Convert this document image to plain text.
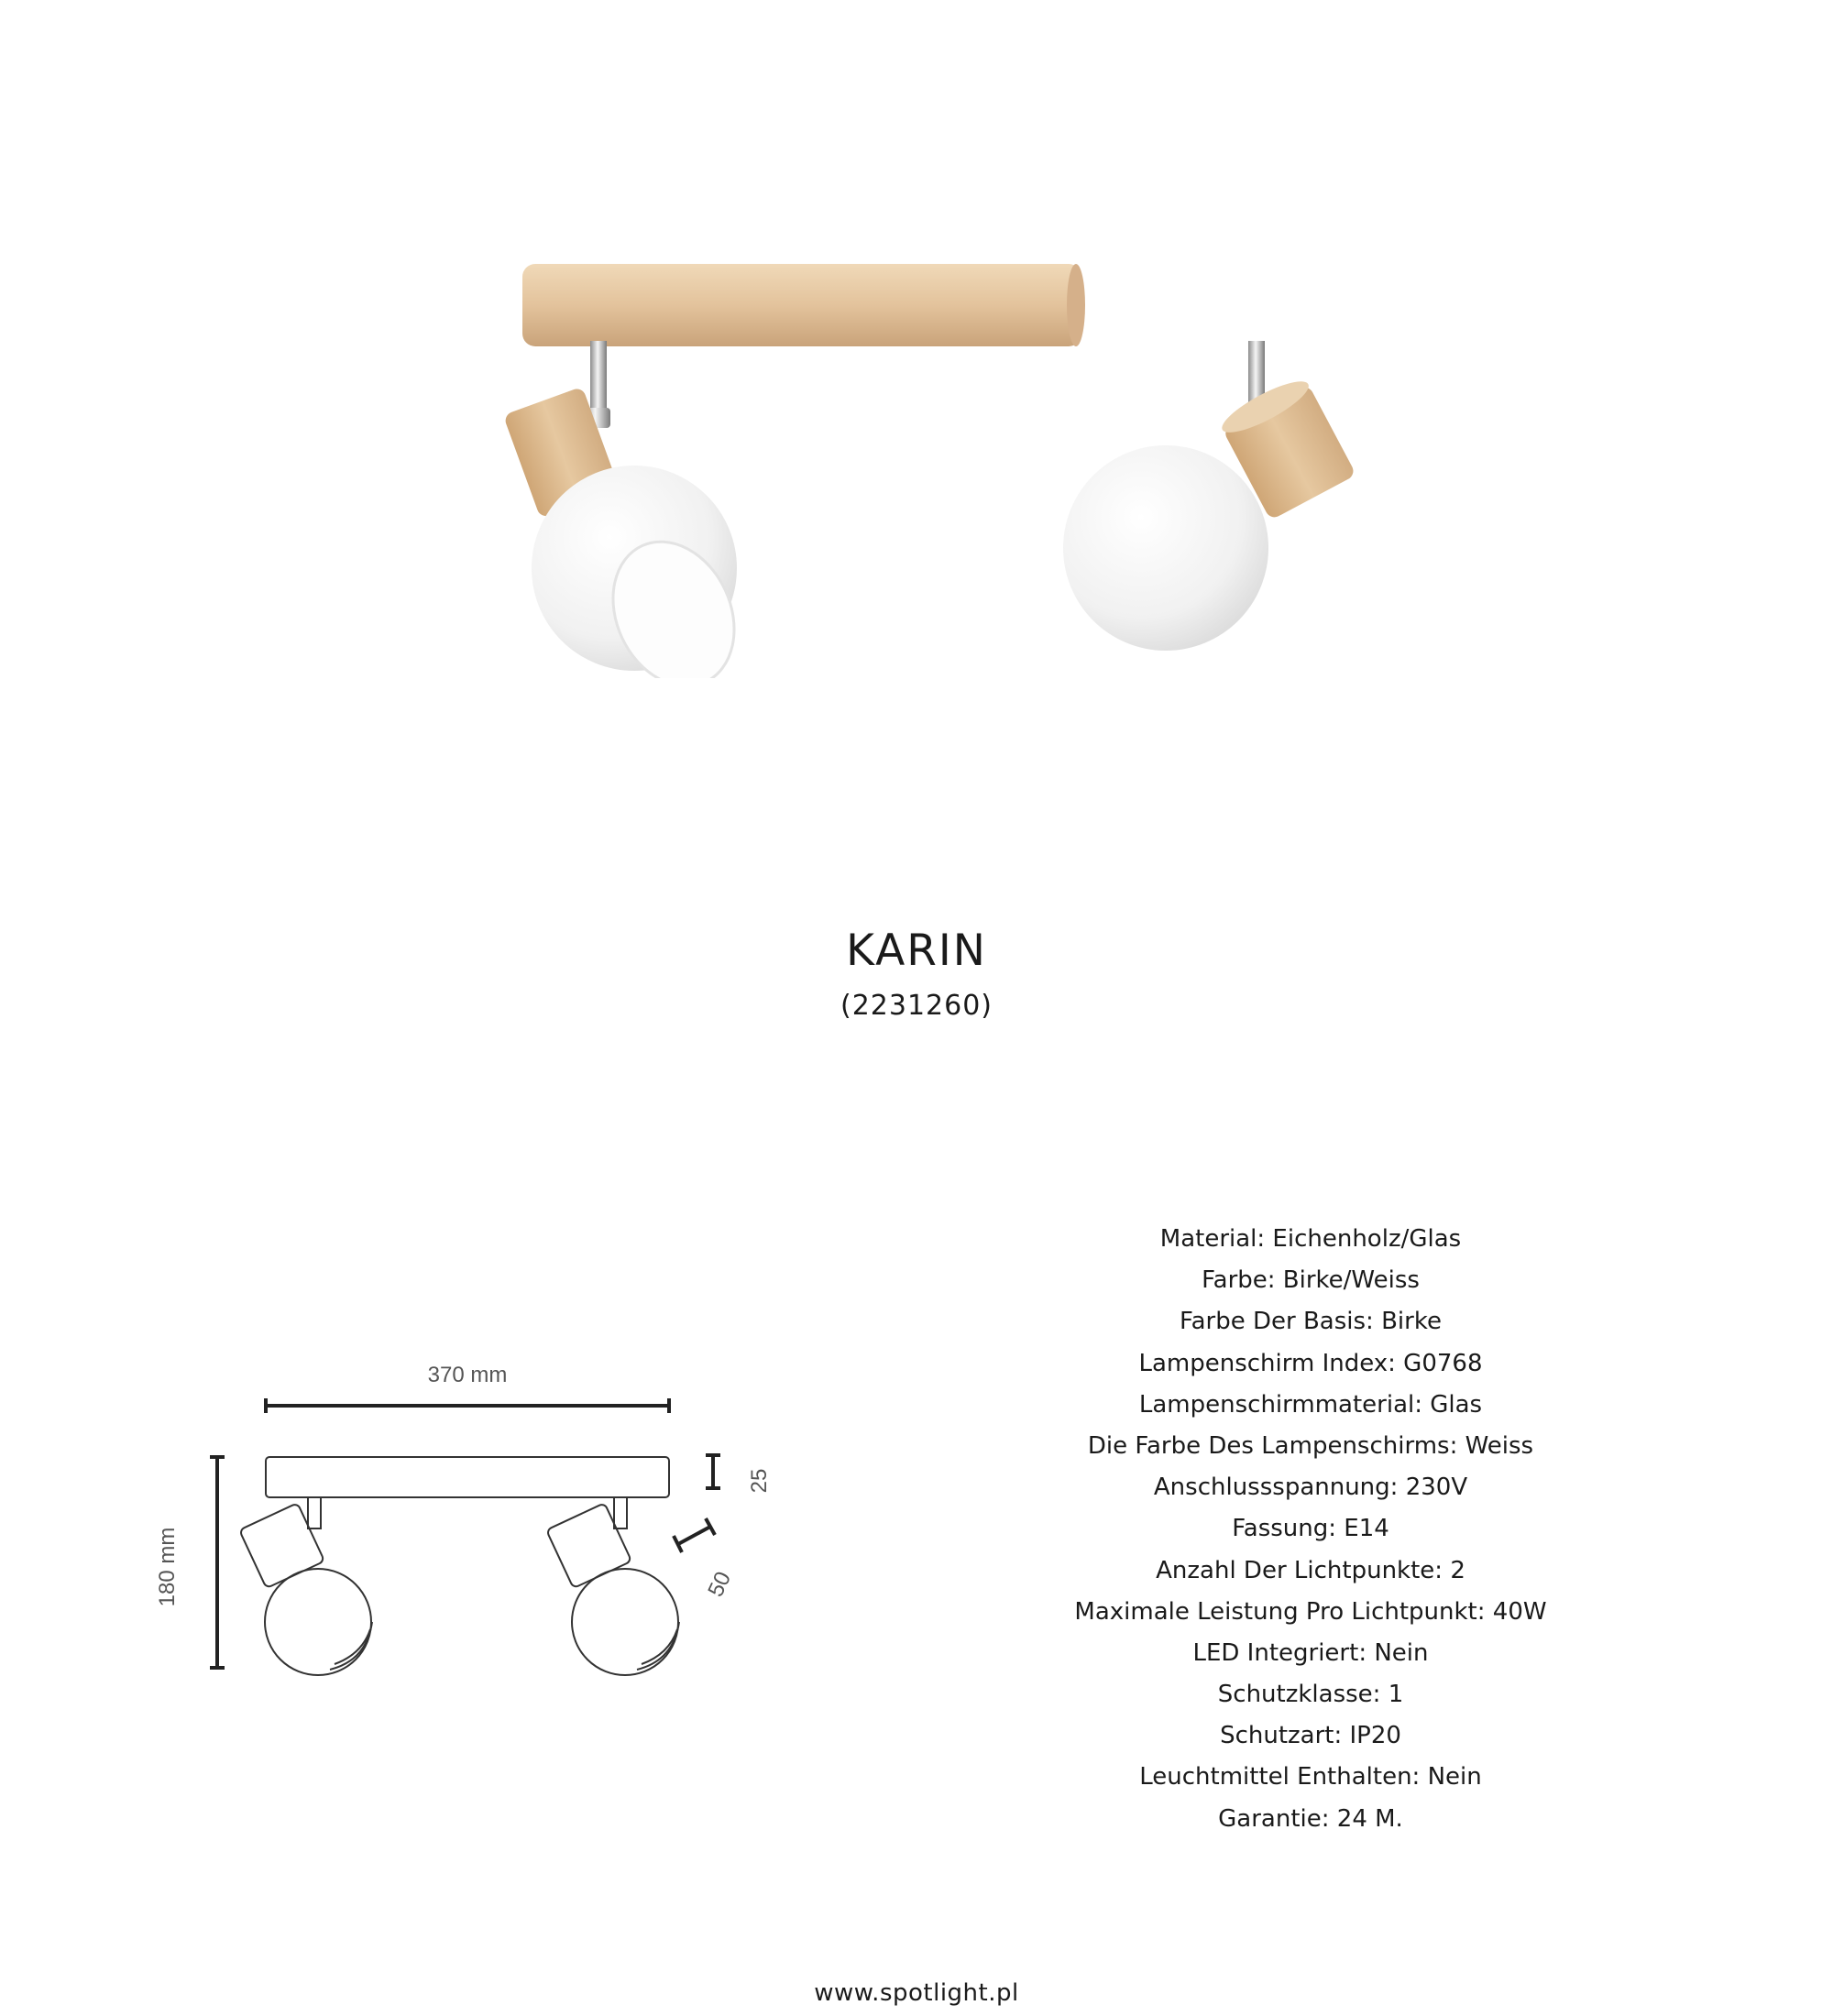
KARIN
(2231260)
370 mm
180 mm
25
50
Material: Eichenholz/Glas
Farbe: Birke/Weiss
Farbe Der Basis: Birke
Lampenschirm Index: G0768
Lampenschirmmaterial: Glas
Die Farbe Des Lampenschirms: Weiss
Anschlussspannung: 230V
Fassung: E14
Anzahl Der Lichtpunkte: 2
Maximale Leistung Pro Lichtpunkt: 40W
LED Integriert: Nein
Schutzklasse: 1
Schutzart: IP20
Leuchtmittel Enthalten: Nein
Garantie: 24 M.
www.spotlight.pl
